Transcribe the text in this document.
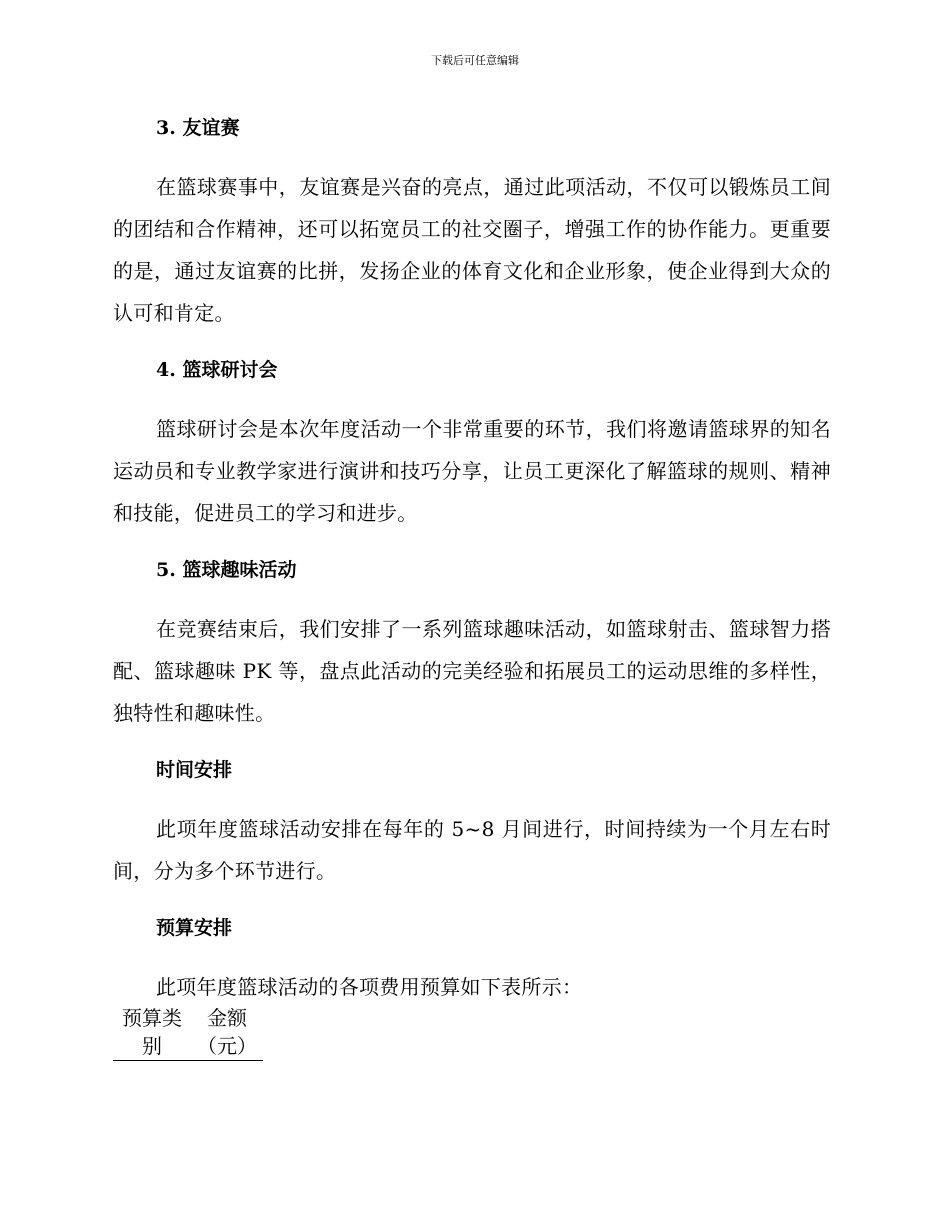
下载后可任意编辑
3. 友谊赛

在篮球赛事中，友谊赛是兴奋的亮点，通过此项活动，不仅可以锻炼员工间的团结和合作精神，还可以拓宽员工的社交圈子，增强工作的协作能力。更重要的是，通过友谊赛的比拼，发扬企业的体育文化和企业形象，使企业得到大众的认可和肯定。

4. 篮球研讨会

篮球研讨会是本次年度活动一个非常重要的环节，我们将邀请篮球界的知名运动员和专业教学家进行演讲和技巧分享，让员工更深化了解篮球的规则、精神和技能，促进员工的学习和进步。

5. 篮球趣味活动

在竞赛结束后，我们安排了一系列篮球趣味活动，如篮球射击、篮球智力搭配、篮球趣味 PK 等，盘点此活动的完美经验和拓展员工的运动思维的多样性，独特性和趣味性。

时间安排

此项年度篮球活动安排在每年的 5~8 月间进行，时间持续为一个月左右时间，分为多个环节进行。

预算安排

此项年度篮球活动的各项费用预算如下表所示：

预算类别	金额（元）
